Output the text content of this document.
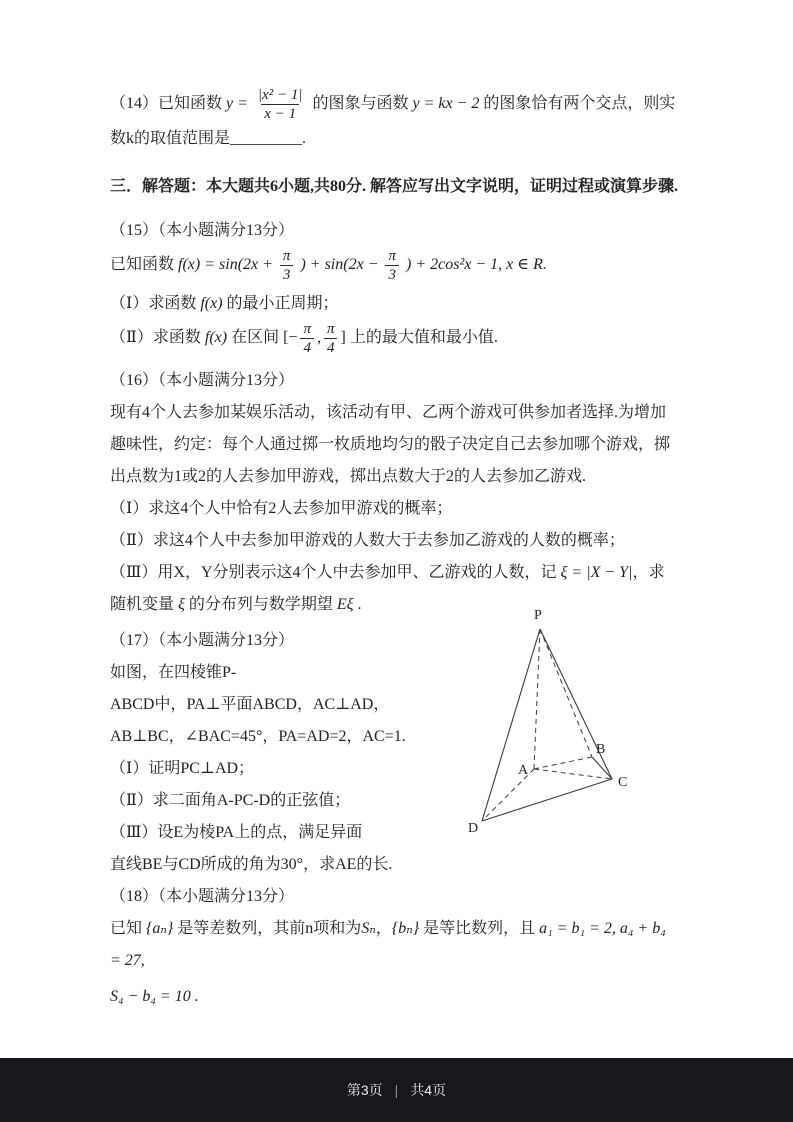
（14）已知函数 $y = \frac{\text{|x² − 1|}}{x - 1}$ 的图象与函数 y = kx − 2 的图象恰有两个交点，则实数k的取值范围是_________.

三．解答题：本大题共6小题,共80分. 解答应写出文字说明，证明过程或演算步骤.

（15）（本小题满分13分）

已知函数 $f(x) = \sin(2x + \frac{\pi}{3}$ ) + $\sin(2x - \frac{\pi}{3}$ ) + 2cos²x − 1, x ∈ R.

（Ⅰ）求函数 f(x) 的最小正周期；

（Ⅱ）求函数 f(x) 在区间 [− $\frac{\pi}{4}$ , $\frac{\pi}{4}$ ] 上的最大值和最小值.

（16）（本小题满分13分）

现有4个人去参加某娱乐活动，该活动有甲、乙两个游戏可供参加者选择.为增加趣味性，约定：每个人通过掷一枚质地均匀的骰子决定自己去参加哪个游戏，掷出点数为1或2的人去参加甲游戏，掷出点数大于2的人去参加乙游戏.

（Ⅰ）求这4个人中恰有2人去参加甲游戏的概率；

（Ⅱ）求这4个人中去参加甲游戏的人数大于去参加乙游戏的人数的概率；

（Ⅲ）用X，Y分别表示这4个人中去参加甲、乙游戏的人数，记 ξ = |X − Y|，求随机变量 ξ 的分布列与数学期望 Eξ .

（17）（本小题满分13分）

如图，在四棱锥P-

ABCD中，PA⊥平面ABCD，AC⊥AD，

AB⊥BC，∠BAC=45°，PA=AD=2，AC=1.

（Ⅰ）证明PC⊥AD；

（Ⅱ）求二面角A-PC-D的正弦值；

（Ⅲ）设E为棱PA上的点，满足异面

直线BE与CD所成的角为30°，求AE的长.

P
A
B
C
D

（18）（本小题满分13分）

已知 {aₙ} 是等差数列，其前n项和为Sₙ，{bₙ} 是等比数列，且 a₁ = b₁ = 2, a₄ + b₄ = 27,

S₄ − b₄ = 10 .

第3页 | 共4页
